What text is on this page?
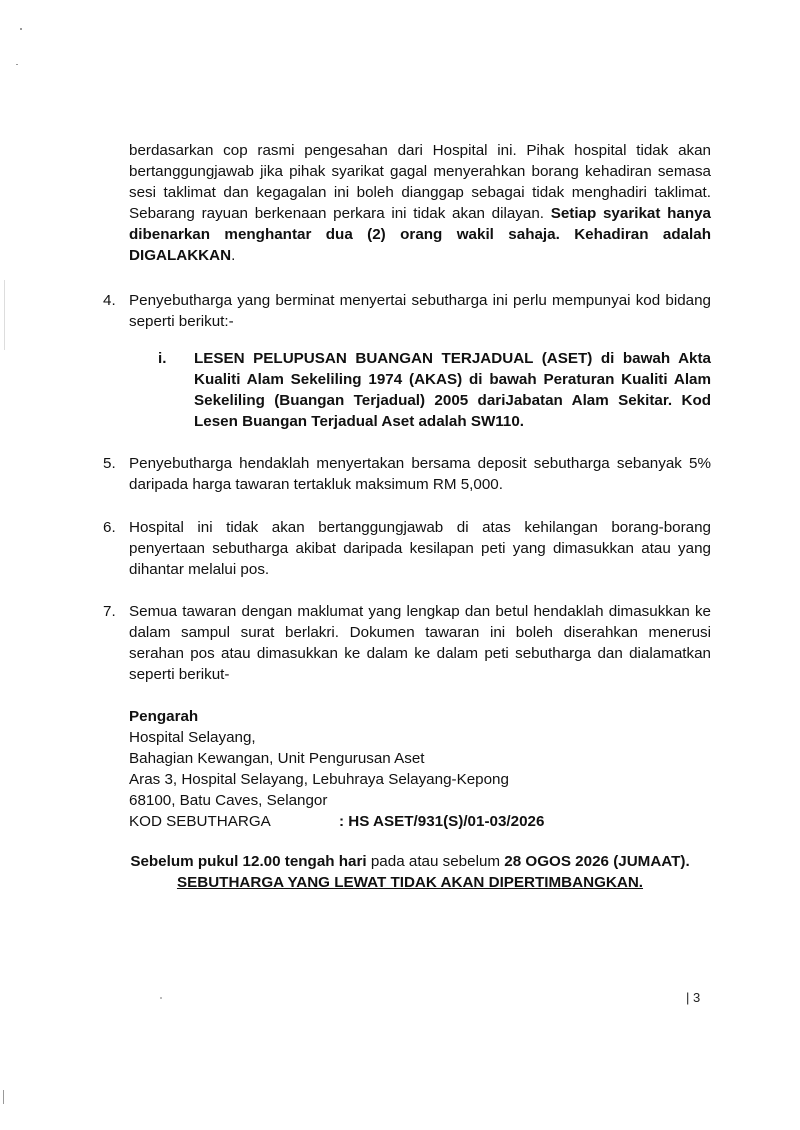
berdasarkan cop rasmi pengesahan dari Hospital ini. Pihak hospital tidak akan bertanggungjawab jika pihak syarikat gagal menyerahkan borang kehadiran semasa sesi taklimat dan kegagalan ini boleh dianggap sebagai tidak menghadiri taklimat. Sebarang rayuan berkenaan perkara ini tidak akan dilayan. Setiap syarikat hanya dibenarkan menghantar dua (2) orang wakil sahaja. Kehadiran adalah DIGALAKKAN.
4. Penyebutharga yang berminat menyertai sebutharga ini perlu mempunyai kod bidang seperti berikut:-
i.	LESEN PELUPUSAN BUANGAN TERJADUAL (ASET) di bawah Akta Kualiti Alam Sekeliling 1974 (AKAS) di bawah Peraturan Kualiti Alam Sekeliling (Buangan Terjadual) 2005 dariJabatan Alam Sekitar. Kod Lesen Buangan Terjadual Aset adalah SW110.
5. Penyebutharga hendaklah menyertakan bersama deposit sebutharga sebanyak 5% daripada harga tawaran tertakluk maksimum RM 5,000.
6. Hospital ini tidak akan bertanggungjawab di atas kehilangan borang-borang penyertaan sebutharga akibat daripada kesilapan peti yang dimasukkan atau yang dihantar melalui pos.
7. Semua tawaran dengan maklumat yang lengkap dan betul hendaklah dimasukkan ke dalam sampul surat berlakri. Dokumen tawaran ini boleh diserahkan menerusi serahan pos atau dimasukkan ke dalam ke dalam peti sebutharga dan dialamatkan seperti berikut-
Pengarah
Hospital Selayang,
Bahagian Kewangan, Unit Pengurusan Aset
Aras 3, Hospital Selayang, Lebuhraya Selayang-Kepong
68100, Batu Caves, Selangor
KOD SEBUTHARGA	: HS ASET/931(S)/01-03/2026
Sebelum pukul 12.00 tengah hari pada atau sebelum 28 OGOS 2026 (JUMAAT).
SEBUTHARGA YANG LEWAT TIDAK AKAN DIPERTIMBANGKAN.
| 3
